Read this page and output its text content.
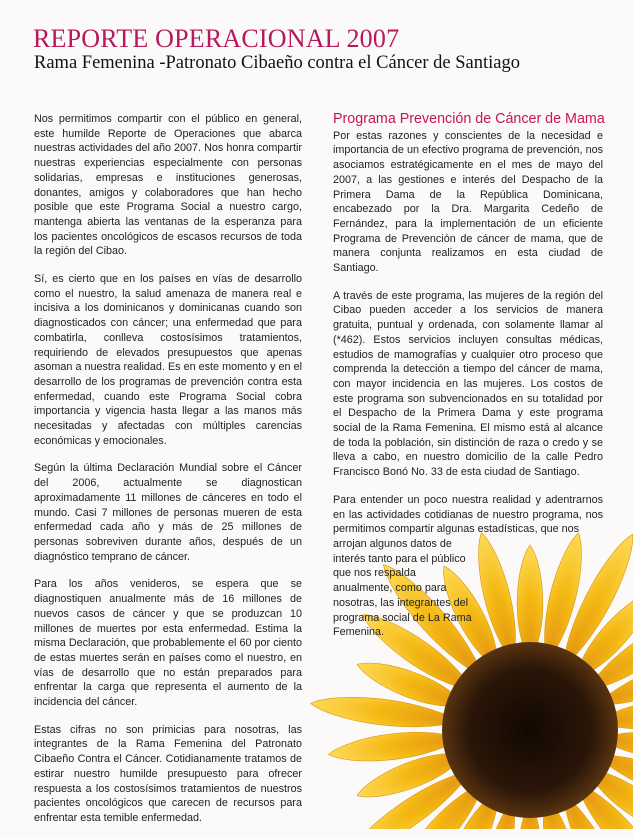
REPORTE OPERACIONAL 2007
Rama Femenina -Patronato Cibaeño contra el Cáncer de Santiago

Nos permitimos compartir con el público en general, este humilde Reporte de Operaciones que abarca nuestras actividades del año 2007. Nos honra compartir nuestras experiencias especialmente con personas solidarias, empresas e instituciones generosas, donantes, amigos y colaboradores que han hecho posible que este Programa Social a nuestro cargo, mantenga abierta las ventanas de la esperanza para los pacientes oncológicos de escasos recursos de toda la región del Cibao.

Sí, es cierto que en los países en vías de desarrollo como el nuestro, la salud amenaza de manera real e incisiva a los dominicanos y dominicanas cuando son diagnosticados con cáncer; una enfermedad que para combatirla, conlleva costosísimos tratamientos, requiriendo de elevados presupuestos que apenas asoman a nuestra realidad. Es en este momento y en el desarrollo de los programas de prevención contra esta enfermedad, cuando este Programa Social cobra importancia y vigencia hasta llegar a las manos más necesitadas y afectadas con múltiples carencias económicas y emocionales.

Según la última Declaración Mundial sobre el Cáncer del 2006, actualmente se diagnostican aproximadamente 11 millones de cánceres en todo el mundo. Casi 7 millones de personas mueren de esta enfermedad cada año y más de 25 millones de personas sobreviven durante años, después de un diagnóstico temprano de cáncer.

Para los años venideros, se espera que se diagnostiquen anualmente más de 16 millones de nuevos casos de cáncer y que se produzcan 10 millones de muertes por esta enfermedad. Estima la misma Declaración, que probablemente el 60 por ciento de estas muertes serán en países como el nuestro, en vías de desarrollo que no están preparados para enfrentar la carga que representa el aumento de la incidencia del cáncer.

Estas cifras no son primicias para nosotras, las integrantes de la Rama Femenina del Patronato Cibaeño Contra el Cáncer. Cotidianamente tratamos de estirar nuestro humilde presupuesto para ofrecer respuesta a los costosísimos tratamientos de nuestros pacientes oncológicos que carecen de recursos para enfrentar esta temible enfermedad.

Programa Prevención de Cáncer de Mama

Por estas razones y conscientes de la necesidad e importancia de un efectivo programa de prevención, nos asociamos estratégicamente en el mes de mayo del 2007, a las gestiones e interés del Despacho de la Primera Dama de la República Dominicana, encabezado por la Dra. Margarita Cedeño de Fernández, para la implementación de un eficiente Programa de Prevención de cáncer de mama, que de manera conjunta realizamos en esta ciudad de Santiago.

A través de este programa, las mujeres de la región del Cibao pueden acceder a los servicios de manera gratuita, puntual y ordenada, con solamente llamar al (*462). Estos servicios incluyen consultas médicas, estudios de mamografías y cualquier otro proceso que comprenda la detección a tiempo del cáncer de mama, con mayor incidencia en las mujeres. Los costos de este programa son subvencionados en su totalidad por el Despacho de la Primera Dama y este programa social de la Rama Femenina. El mismo está al alcance de toda la población, sin distinción de raza o credo y se lleva a cabo, en nuestro domicilio de la calle Pedro Francisco Bonó No. 33 de esta ciudad de Santiago.

Para entender un poco nuestra realidad y adentrarnos en las actividades cotidianas de nuestro programa, nos permitimos compartir algunas estadísticas, que nos

arrojan algunos datos de interés tanto para el público que nos respalda anualmente, como para nosotras, las integrantes del programa social de La Rama Femenina.
